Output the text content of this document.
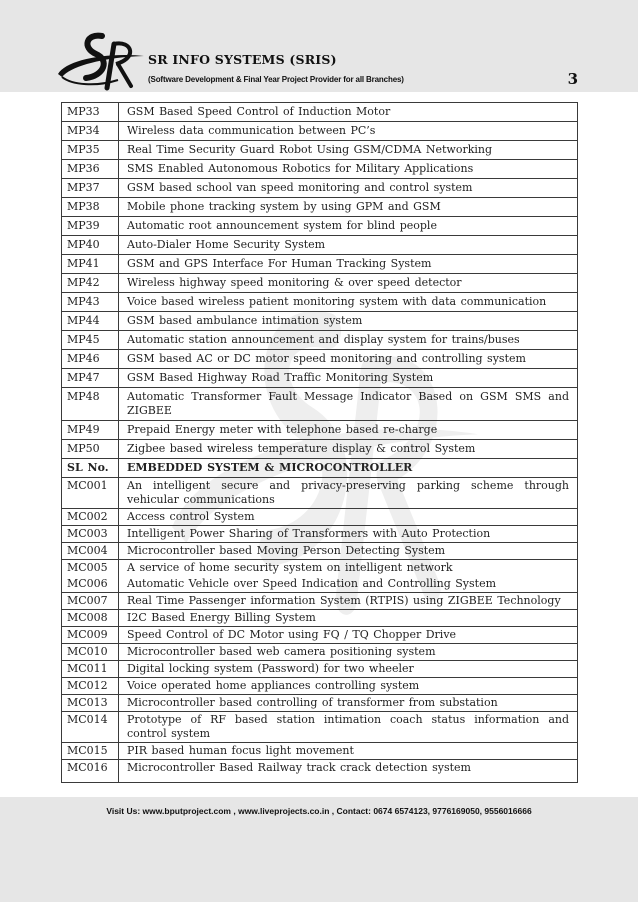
SR INFO SYSTEMS (SRIS)
(Software Development & Final Year Project Provider for all Branches)	3
MP33	GSM Based Speed Control of Induction Motor
MP34	Wireless data communication between PC’s
MP35	Real Time Security Guard Robot Using GSM/CDMA Networking
MP36	SMS Enabled Autonomous Robotics for Military Applications
MP37	GSM based school van speed monitoring and control system
MP38	Mobile phone tracking system by using GPM and GSM
MP39	Automatic root announcement system for blind people
MP40	Auto-Dialer Home Security System
MP41	GSM and GPS Interface For Human Tracking System
MP42	Wireless highway speed monitoring & over speed detector
MP43	Voice based wireless patient monitoring system with data communication
MP44	GSM based ambulance intimation system
MP45	Automatic station announcement and display system for trains/buses
MP46	GSM based AC or DC motor speed monitoring and controlling system
MP47	GSM Based Highway Road Traffic Monitoring System
MP48	Automatic Transformer Fault Message Indicator Based on GSM SMS and ZIGBEE
MP49	Prepaid Energy meter with telephone based re-charge
MP50	Zigbee based wireless temperature display & control System
SL No.	EMBEDDED SYSTEM & MICROCONTROLLER
MC001	An intelligent secure and privacy-preserving parking scheme through vehicular communications
MC002	Access control System
MC003	Intelligent Power Sharing of Transformers with Auto Protection
MC004	Microcontroller based Moving Person Detecting System
MC005	A service of home security system on intelligent network
MC006	Automatic Vehicle over Speed Indication and Controlling System
MC007	Real Time Passenger information System (RTPIS) using ZIGBEE Technology
MC008	I2C Based Energy Billing System
MC009	Speed Control of DC Motor using FQ / TQ Chopper Drive
MC010	Microcontroller based web camera positioning system
MC011	Digital locking system (Password) for two wheeler
MC012	Voice operated home appliances controlling system
MC013	Microcontroller based controlling of transformer from substation
MC014	Prototype of RF based station intimation coach status information and control system
MC015	PIR based human focus light movement
MC016	Microcontroller Based Railway track crack detection system
Visit Us: www.bputproject.com , www.liveprojects.co.in , Contact: 0674 6574123, 9776169050, 9556016666
